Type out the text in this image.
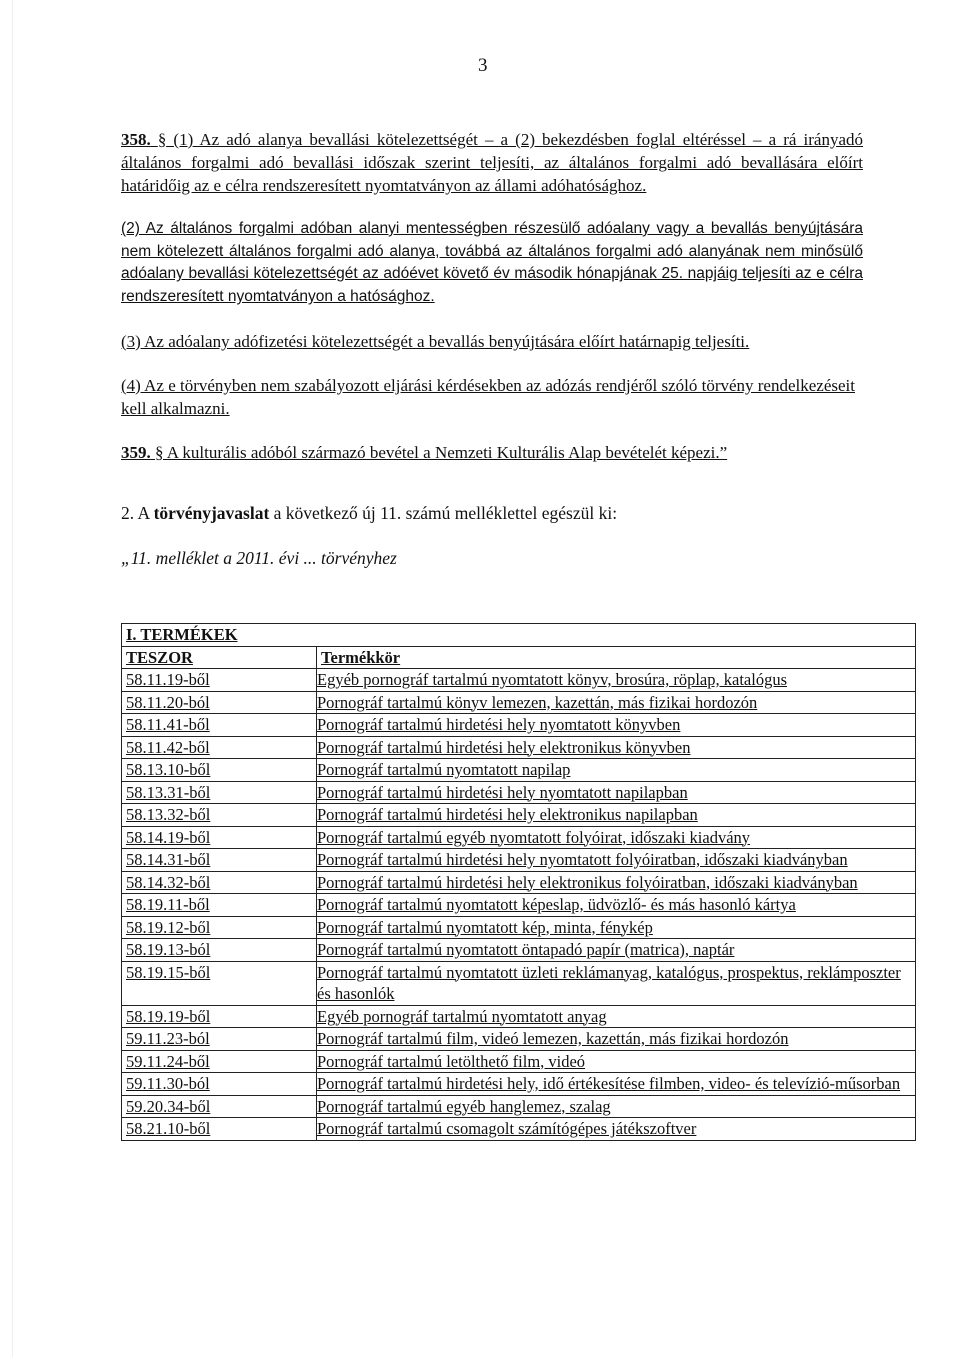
3

358. § (1) Az adó alanya bevallási kötelezettségét – a (2) bekezdésben foglal eltéréssel – a rá irányadó általános forgalmi adó bevallási időszak szerint teljesíti, az általános forgalmi adó bevallására előírt határidőig az e célra rendszeresített nyomtatványon az állami adóhatósághoz.

(2) Az általános forgalmi adóban alanyi mentességben részesülő adóalany vagy a bevallás benyújtására nem kötelezett általános forgalmi adó alanya, továbbá az általános forgalmi adó alanyának nem minősülő adóalany bevallási kötelezettségét az adóévet követő év második hónapjának 25. napjáig teljesíti az e célra rendszeresített nyomtatványon a hatósághoz.

(3) Az adóalany adófizetési kötelezettségét a bevallás benyújtására előírt határnapig teljesíti.

(4) Az e törvényben nem szabályozott eljárási kérdésekben az adózás rendjéről szóló törvény rendelkezéseit kell alkalmazni.

359. § A kulturális adóból származó bevétel a Nemzeti Kulturális Alap bevételét képezi.”

2. A törvényjavaslat a következő új 11. számú melléklettel egészül ki:

„11. melléklet a 2011. évi ... törvényhez

I. TERMÉKEK	
TESZOR	Termékkör
58.11.19-ből	Egyéb pornográf tartalmú nyomtatott könyv, brosúra, röplap, katalógus
58.11.20-ból	Pornográf tartalmú könyv lemezen, kazettán, más fizikai hordozón
58.11.41-ből	Pornográf tartalmú hirdetési hely nyomtatott könyvben
58.11.42-ből	Pornográf tartalmú hirdetési hely elektronikus könyvben
58.13.10-ből	Pornográf tartalmú nyomtatott napilap
58.13.31-ből	Pornográf tartalmú hirdetési hely nyomtatott napilapban
58.13.32-ből	Pornográf tartalmú hirdetési hely elektronikus napilapban
58.14.19-ből	Pornográf tartalmú egyéb nyomtatott folyóirat, időszaki kiadvány
58.14.31-ből	Pornográf tartalmú hirdetési hely nyomtatott folyóiratban, időszaki kiadványban
58.14.32-ből	Pornográf tartalmú hirdetési hely elektronikus folyóiratban, időszaki kiadványban
58.19.11-ből	Pornográf tartalmú nyomtatott képeslap, üdvözlő- és más hasonló kártya
58.19.12-ből	Pornográf tartalmú nyomtatott kép, minta, fénykép
58.19.13-ból	Pornográf tartalmú nyomtatott öntapadó papír (matrica), naptár
58.19.15-ből	Pornográf tartalmú nyomtatott üzleti reklámanyag, katalógus, prospektus, reklámposzter és hasonlók
58.19.19-ből	Egyéb pornográf tartalmú nyomtatott anyag
59.11.23-ból	Pornográf tartalmú film, videó lemezen, kazettán, más fizikai hordozón
59.11.24-ből	Pornográf tartalmú letölthető film, videó
59.11.30-ból	Pornográf tartalmú hirdetési hely, idő értékesítése filmben, video- és televízió-műsorban
59.20.34-ből	Pornográf tartalmú egyéb hanglemez, szalag
58.21.10-ből	Pornográf tartalmú csomagolt számítógépes játékszoftver
